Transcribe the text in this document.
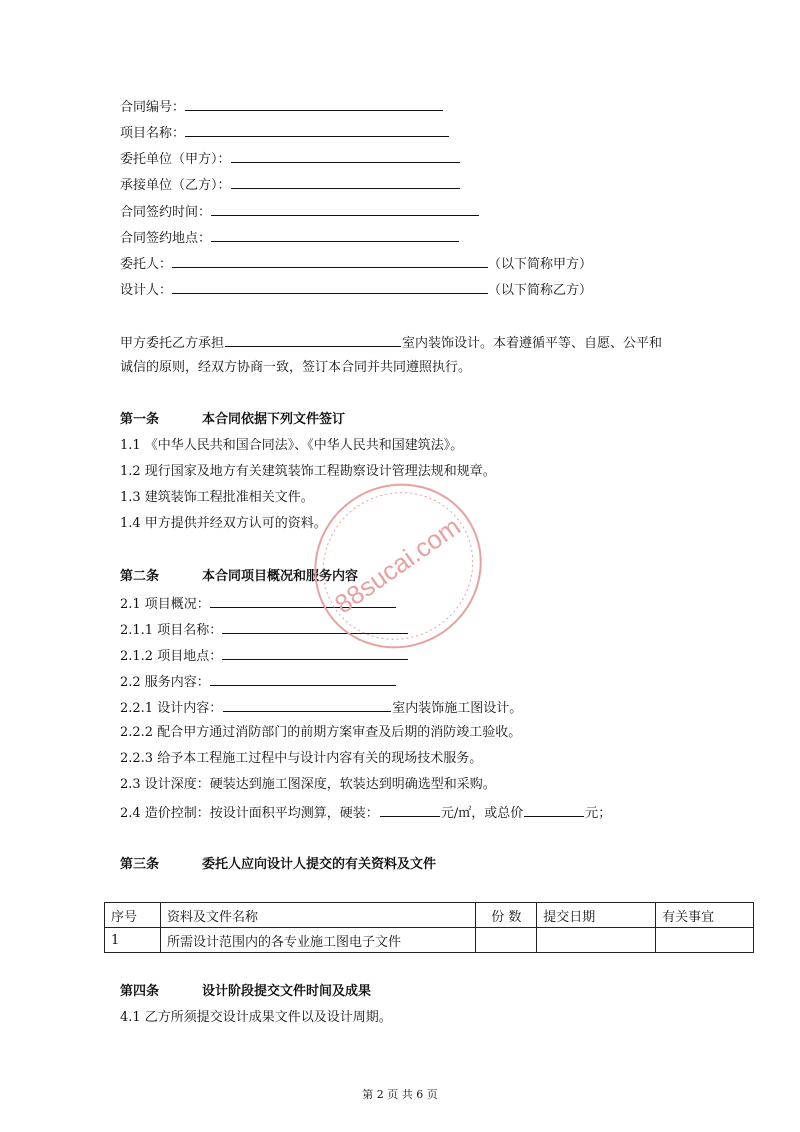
合同编号：
项目名称：
委托单位（甲方）：
承接单位（乙方）：
合同签约时间：
合同签约地点：
委托人：	（以下简称甲方）
设计人：	（以下简称乙方）
甲方委托乙方承担	室内装饰设计。本着遵循平等、自愿、公平和
诚信的原则，经双方协商一致，签订本合同并共同遵照执行。
第一条	本合同依据下列文件签订
1.1 《中华人民共和国合同法》、《中华人民共和国建筑法》。
1.2 现行国家及地方有关建筑装饰工程勘察设计管理法规和规章。
1.3 建筑装饰工程批准相关文件。
1.4 甲方提供并经双方认可的资料。
第二条	本合同项目概况和服务内容
2.1 项目概况：
2.1.1 项目名称：
2.1.2 项目地点：
2.2 服务内容：
2.2.1 设计内容：	室内装饰施工图设计。
2.2.2 配合甲方通过消防部门的前期方案审查及后期的消防竣工验收。
2.2.3 给予本工程施工过程中与设计内容有关的现场技术服务。
2.3 设计深度：硬装达到施工图深度，软装达到明确选型和采购。
2.4 造价控制：按设计面积平均测算，硬装：	元/㎡，或总价	元；
第三条	委托人应向设计人提交的有关资料及文件
序号	资料及文件名称	份 数	提交日期	有关事宜
1	所需设计范围内的各专业施工图电子文件			
第四条	设计阶段提交文件时间及成果
4.1 乙方所须提交设计成果文件以及设计周期。
88sucai.com
第 2 页 共 6 页
